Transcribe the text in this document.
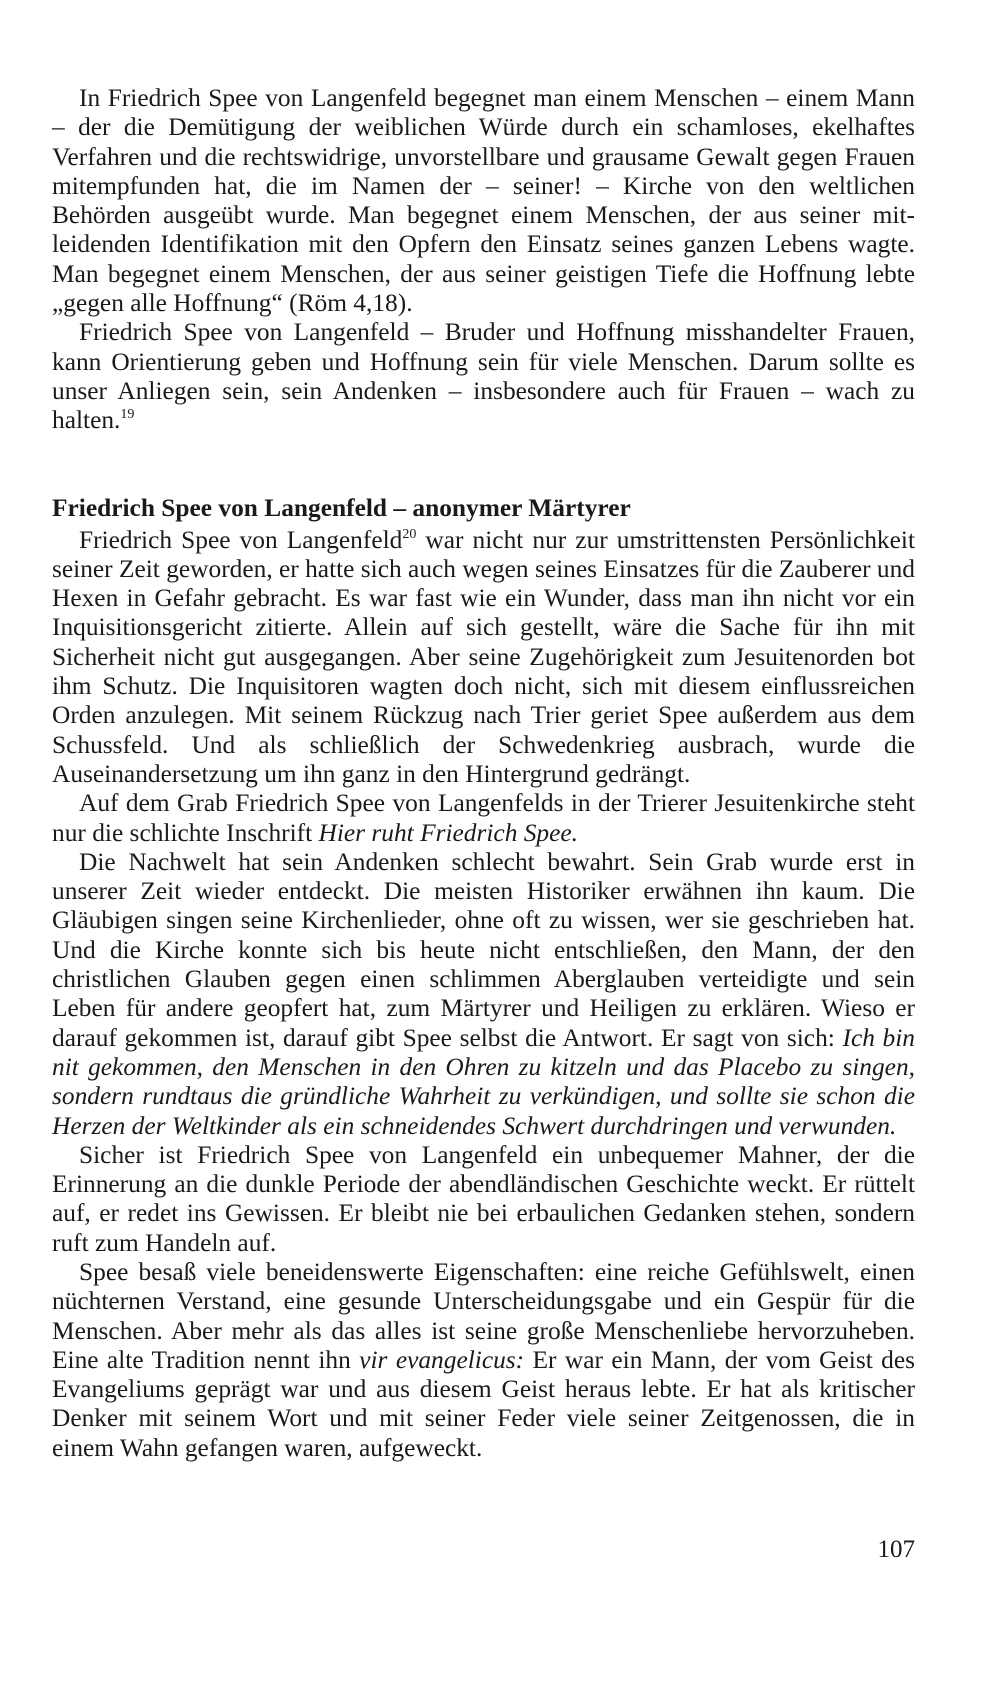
In Friedrich Spee von Langenfeld begegnet man einem Menschen – einem Mann – der die Demütigung der weiblichen Würde durch ein schamloses, ekelhaftes Verfahren und die rechtswidrige, unvorstellbare und grausame Gewalt gegen Frauen mitempfunden hat, die im Namen der – seiner! – Kirche von den weltlichen Behörden ausgeübt wurde. Man begegnet einem Menschen, der aus seiner mit-leidenden Identifikation mit den Opfern den Einsatz seines ganzen Lebens wagte. Man begegnet einem Menschen, der aus seiner geistigen Tiefe die Hoffnung lebte „gegen alle Hoffnung“ (Röm 4,18).

Friedrich Spee von Langenfeld – Bruder und Hoffnung misshandelter Frauen, kann Orientierung geben und Hoffnung sein für viele Menschen. Darum sollte es unser Anliegen sein, sein Andenken – insbesondere auch für Frauen – wach zu halten.$^{19}$

Friedrich Spee von Langenfeld – anonymer Märtyrer

Friedrich Spee von Langenfeld$^{20}$ war nicht nur zur umstrittensten Persönlichkeit seiner Zeit geworden, er hatte sich auch wegen seines Einsatzes für die Zauberer und Hexen in Gefahr gebracht. Es war fast wie ein Wunder, dass man ihn nicht vor ein Inquisitionsgericht zitierte. Allein auf sich gestellt, wäre die Sache für ihn mit Sicherheit nicht gut ausgegangen. Aber seine Zugehörigkeit zum Jesuitenorden bot ihm Schutz. Die Inquisitoren wagten doch nicht, sich mit diesem einflussreichen Orden anzulegen. Mit seinem Rückzug nach Trier geriet Spee außerdem aus dem Schussfeld. Und als schließlich der Schwedenkrieg ausbrach, wurde die Auseinandersetzung um ihn ganz in den Hintergrund gedrängt.

Auf dem Grab Friedrich Spee von Langenfelds in der Trierer Jesuitenkirche steht nur die schlichte Inschrift Hier ruht Friedrich Spee.

Die Nachwelt hat sein Andenken schlecht bewahrt. Sein Grab wurde erst in unserer Zeit wieder entdeckt. Die meisten Historiker erwähnen ihn kaum. Die Gläubigen singen seine Kirchenlieder, ohne oft zu wissen, wer sie geschrieben hat. Und die Kirche konnte sich bis heute nicht entschließen, den Mann, der den christlichen Glauben gegen einen schlimmen Aberglauben verteidigte und sein Leben für andere geopfert hat, zum Märtyrer und Heiligen zu erklären. Wieso er darauf gekommen ist, darauf gibt Spee selbst die Antwort. Er sagt von sich: Ich bin nit gekommen, den Menschen in den Ohren zu kitzeln und das Placebo zu singen, sondern rundtaus die gründliche Wahrheit zu verkündigen, und sollte sie schon die Herzen der Weltkinder als ein schneidendes Schwert durchdringen und verwunden.

Sicher ist Friedrich Spee von Langenfeld ein unbequemer Mahner, der die Erinnerung an die dunkle Periode der abendländischen Geschichte weckt. Er rüttelt auf, er redet ins Gewissen. Er bleibt nie bei erbaulichen Gedanken stehen, sondern ruft zum Handeln auf.

Spee besaß viele beneidenswerte Eigenschaften: eine reiche Gefühlswelt, einen nüchternen Verstand, eine gesunde Unterscheidungsgabe und ein Gespür für die Menschen. Aber mehr als das alles ist seine große Menschenliebe hervorzuheben. Eine alte Tradition nennt ihn vir evangelicus: Er war ein Mann, der vom Geist des Evangeliums geprägt war und aus diesem Geist heraus lebte. Er hat als kritischer Denker mit seinem Wort und mit seiner Feder viele seiner Zeitgenossen, die in einem Wahn gefangen waren, aufgeweckt.

107
